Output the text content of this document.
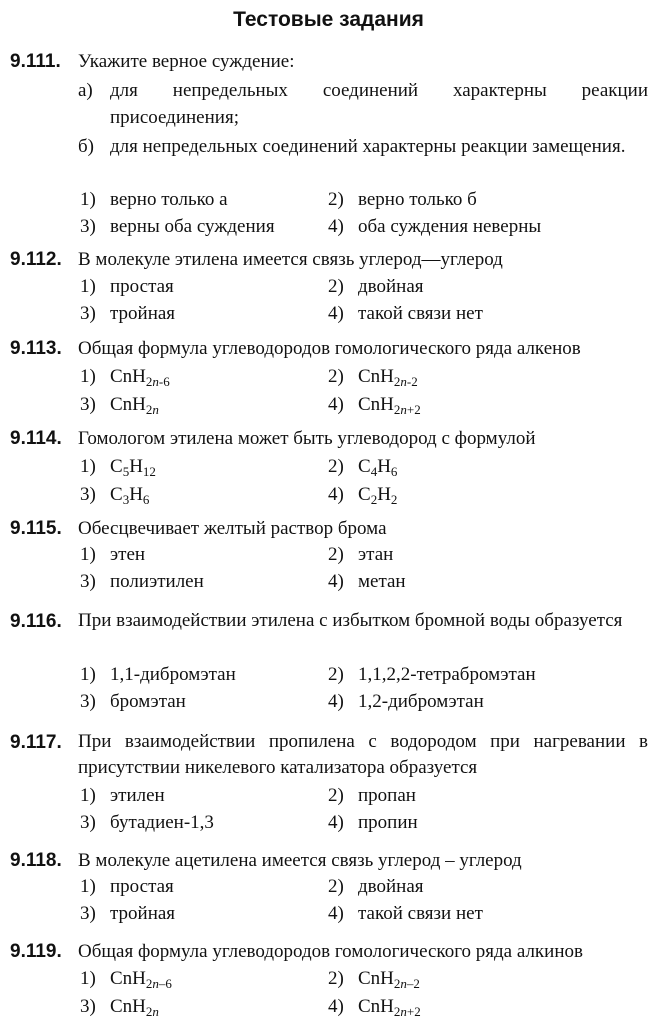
Тестовые задания
9.111. Укажите верное суждение:
а) для непредельных соединений характерны реакции присоединения;
б) для непредельных соединений характерны реакции замещения.
1) верно только а	2) верно только б
3) верны оба суждения	4) оба суждения неверны
9.112. В молекуле этилена имеется связь углерод—углерод
1) простая	2) двойная
3) тройная	4) такой связи нет
9.113. Общая формула углеводородов гомологического ряда алкенов
1) CnH$_{2n-6}$	2) CnH$_{2n-2}$
3) CnH$_{2n}$	4) CnH$_{2n+2}$
9.114. Гомологом этилена может быть углеводород с формулой
1) $C_5H_{12}$	2) $C_4H_6$
3) $C_3H_6$	4) $C_2H_2$
9.115. Обесцвечивает желтый раствор брома
1) этен	2) этан
3) полиэтилен	4) метан
9.116. При взаимодействии этилена с избытком бромной воды образуется
1) 1,1-дибромэтан	2) 1,1,2,2-тетрабромэтан
3) бромэтан	4) 1,2-дибромэтан
9.117. При взаимодействии пропилена с водородом при нагревании в присутствии никелевого катализатора образуется
1) этилен	2) пропан
3) бутадиен-1,3	4) пропин
9.118. В молекуле ацетилена имеется связь углерод – углерод
1) простая	2) двойная
3) тройная	4) такой связи нет
9.119. Общая формула углеводородов гомологического ряда алкинов
1) CnH$_{2n-6}$	2) CnH$_{2n-2}$
3) CnH$_{2n}$	4) CnH$_{2n+2}$
